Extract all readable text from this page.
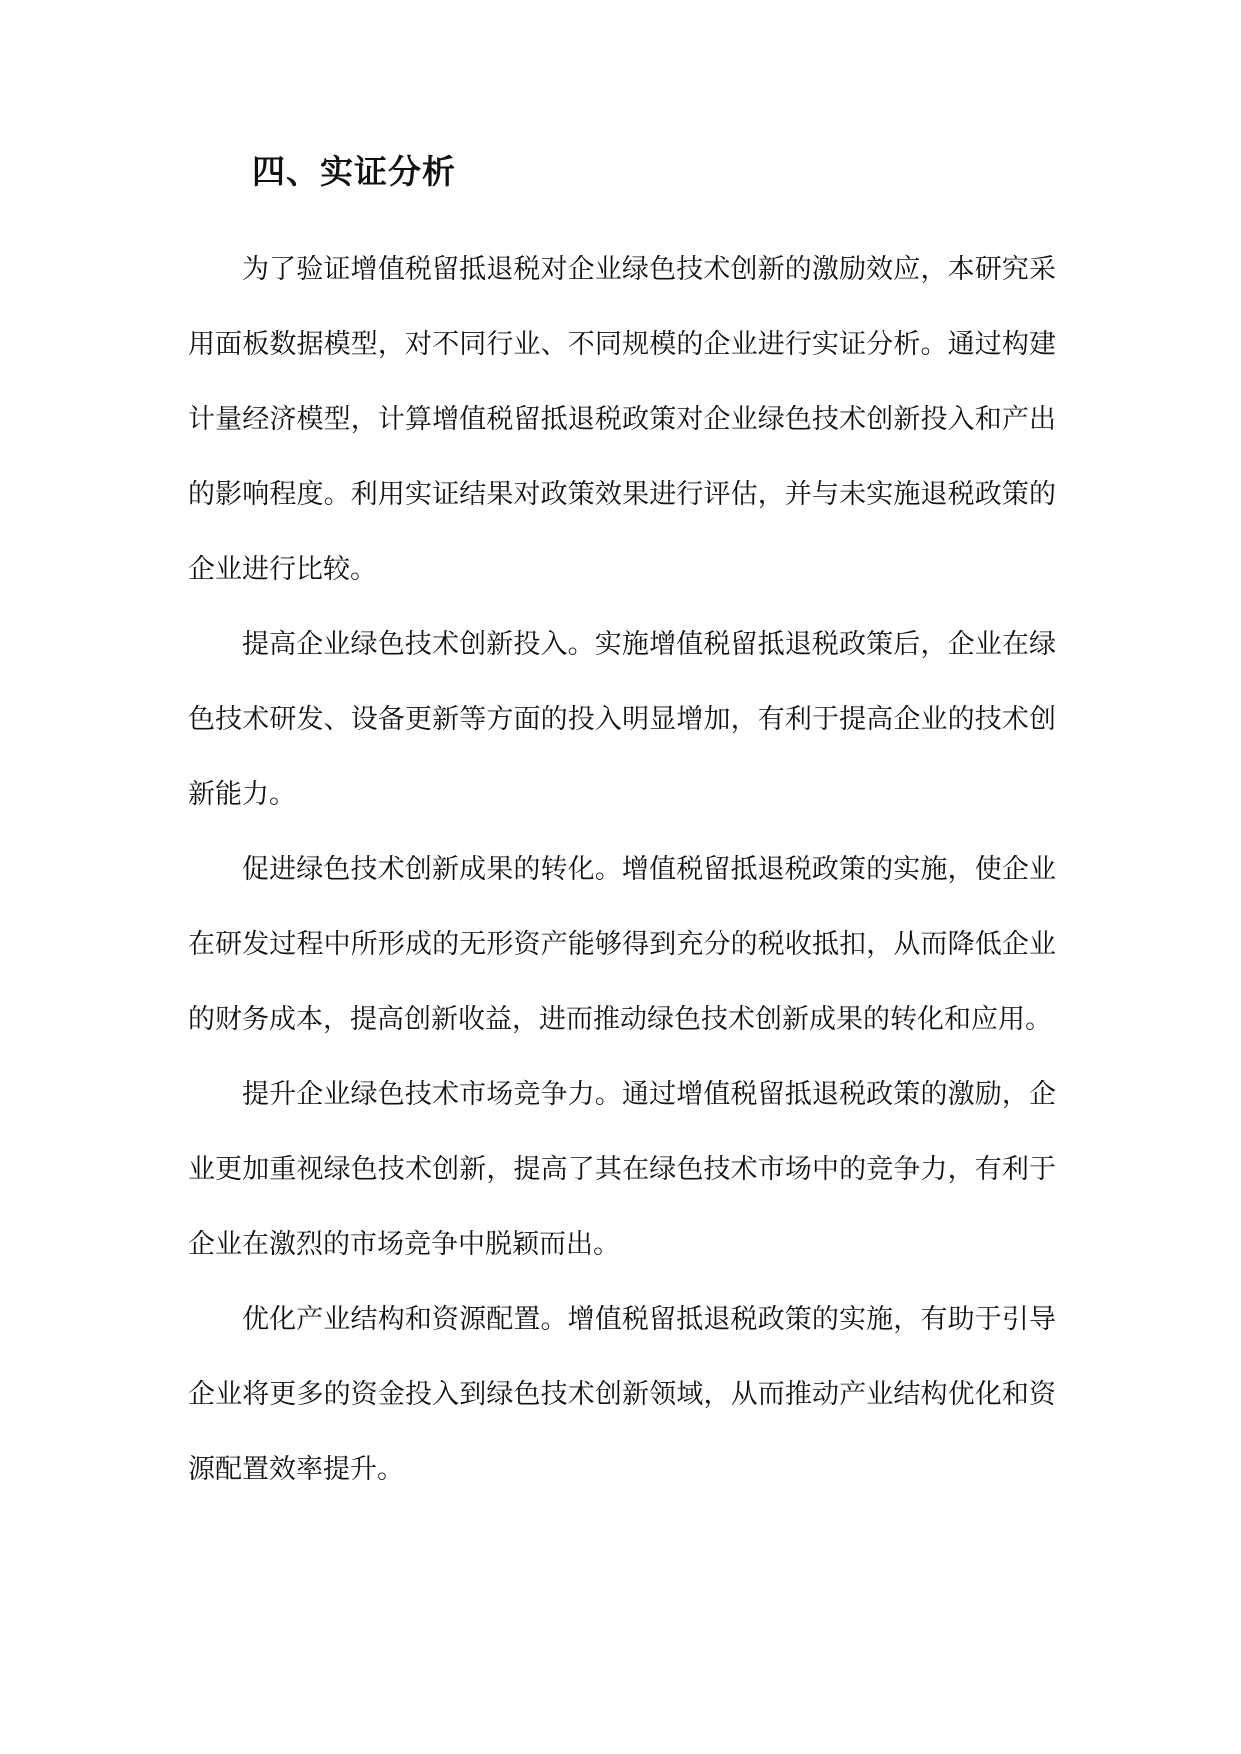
四、实证分析

为了验证增值税留抵退税对企业绿色技术创新的激励效应，本研究采用面板数据模型，对不同行业、不同规模的企业进行实证分析。通过构建计量经济模型，计算增值税留抵退税政策对企业绿色技术创新投入和产出的影响程度。利用实证结果对政策效果进行评估，并与未实施退税政策的企业进行比较。

提高企业绿色技术创新投入。实施增值税留抵退税政策后，企业在绿色技术研发、设备更新等方面的投入明显增加，有利于提高企业的技术创新能力。

促进绿色技术创新成果的转化。增值税留抵退税政策的实施，使企业在研发过程中所形成的无形资产能够得到充分的税收抵扣，从而降低企业的财务成本，提高创新收益，进而推动绿色技术创新成果的转化和应用。

提升企业绿色技术市场竞争力。通过增值税留抵退税政策的激励，企业更加重视绿色技术创新，提高了其在绿色技术市场中的竞争力，有利于企业在激烈的市场竞争中脱颖而出。

优化产业结构和资源配置。增值税留抵退税政策的实施，有助于引导企业将更多的资金投入到绿色技术创新领域，从而推动产业结构优化和资源配置效率提升。
